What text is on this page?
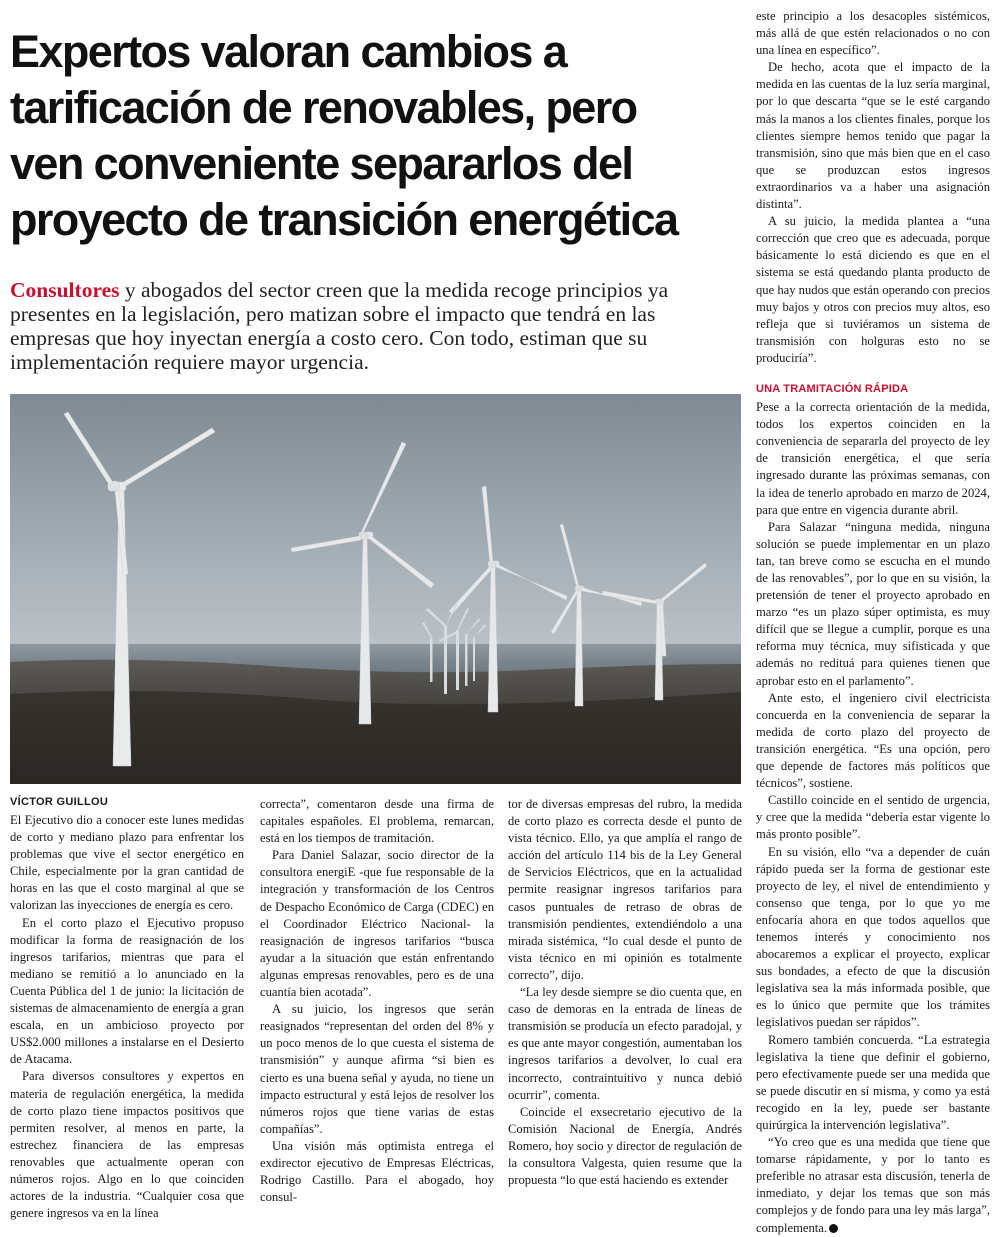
Expertos valoran cambios a
tarificación de renovables, pero
ven conveniente separarlos del
proyecto de transición energética

Consultores y abogados del sector creen que la medida recoge principios ya presentes en la legislación, pero matizan sobre el impacto que tendrá en las empresas que hoy inyectan energía a costo cero. Con todo, estiman que su implementación requiere mayor urgencia.

VÍCTOR GUILLOU

El Ejecutivo dio a conocer este lunes medidas de corto y mediano plazo para enfrentar los problemas que vive el sector energético en Chile, especialmente por la gran cantidad de horas en las que el costo marginal al que se valorizan las inyecciones de energía es cero.

En el corto plazo el Ejecutivo propuso modificar la forma de reasignación de los ingresos tarifarios, mientras que para el mediano se remitió a lo anunciado en la Cuenta Pública del 1 de junio: la licitación de sistemas de almacenamiento de energía a gran escala, en un ambicioso proyecto por US$2.000 millones a instalarse en el Desierto de Atacama.

Para diversos consultores y expertos en materia de regulación energética, la medida de corto plazo tiene impactos positivos que permiten resolver, al menos en parte, la estrechez financiera de las empresas renovables que actualmente operan con números rojos. Algo en lo que coinciden actores de la industria. “Cualquier cosa que genere ingresos va en la línea

correcta”, comentaron desde una firma de capitales españoles. El problema, remarcan, está en los tiempos de tramitación.

Para Daniel Salazar, socio director de la consultora energiE -que fue responsable de la integración y transformación de los Centros de Despacho Económico de Carga (CDEC) en el Coordinador Eléctrico Nacional- la reasignación de ingresos tarifarios “busca ayudar a la situación que están enfrentando algunas empresas renovables, pero es de una cuantía bien acotada”.

A su juicio, los ingresos que serán reasignados “representan del orden del 8% y un poco menos de lo que cuesta el sistema de transmisión” y aunque afirma “si bien es cierto es una buena señal y ayuda, no tiene un impacto estructural y está lejos de resolver los números rojos que tiene varias de estas compañías”.

Una visión más optimista entrega el exdirector ejecutivo de Empresas Eléctricas, Rodrigo Castillo. Para el abogado, hoy consul-

tor de diversas empresas del rubro, la medida de corto plazo es correcta desde el punto de vista técnico. Ello, ya que amplía el rango de acción del artículo 114 bis de la Ley General de Servicios Eléctricos, que en la actualidad permite reasignar ingresos tarifarios para casos puntuales de retraso de obras de transmisión pendientes, extendiéndolo a una mirada sistémica, “lo cual desde el punto de vista técnico en mi opinión es totalmente correcto”, dijo.

“La ley desde siempre se dio cuenta que, en caso de demoras en la entrada de líneas de transmisión se producía un efecto paradojal, y es que ante mayor congestión, aumentaban los ingresos tarifarios a devolver, lo cual era incorrecto, contraintuitivo y nunca debió ocurrir”, comenta.

Coincide el exsecretario ejecutivo de la Comisión Nacional de Energía, Andrés Romero, hoy socio y director de regulación de la consultora Valgesta, quien resume que la propuesta “lo que está haciendo es extender

este principio a los desacoples sistémicos, más allá de que estén relacionados o no con una línea en específico”.

De hecho, acota que el impacto de la medida en las cuentas de la luz sería marginal, por lo que descarta “que se le esté cargando más la manos a los clientes finales, porque los clientes siempre hemos tenido que pagar la transmisión, sino que más bien que en el caso que se produzcan estos ingresos extraordinarios va a haber una asignación distinta”.

A su juicio, la medida plantea a “una corrección que creo que es adecuada, porque básicamente lo está diciendo es que en el sistema se está quedando planta producto de que hay nudos que están operando con precios muy bajos y otros con precios muy altos, eso refleja que si tuviéramos un sistema de transmisión con holguras esto no se produciría”.

UNA TRAMITACIÓN RÁPIDA

Pese a la correcta orientación de la medida, todos los expertos coinciden en la conveniencia de separarla del proyecto de ley de transición energética, el que sería ingresado durante las próximas semanas, con la idea de tenerlo aprobado en marzo de 2024, para que entre en vigencia durante abril.

Para Salazar “ninguna medida, ninguna solución se puede implementar en un plazo tan, tan breve como se escucha en el mundo de las renovables”, por lo que en su visión, la pretensión de tener el proyecto aprobado en marzo “es un plazo súper optimista, es muy difícil que se llegue a cumplir, porque es una reforma muy técnica, muy sifisticada y que además no redituá para quienes tienen que aprobar esto en el parlamento”.

Ante esto, el ingeniero civil electricista concuerda en la conveniencia de separar la medida de corto plazo del proyecto de transición energética. “Es una opción, pero que depende de factores más políticos que técnicos”, sostiene.

Castillo coincide en el sentido de urgencia, y cree que la medida “debería estar vigente lo más pronto posible”.

En su visión, ello “va a depender de cuán rápido pueda ser la forma de gestionar este proyecto de ley, el nivel de entendimiento y consenso que tenga, por lo que yo me enfocaría ahora en que todos aquellos que tenemos interés y conocimiento nos abocaremos a explicar el proyecto, explicar sus bondades, a efecto de que la discusión legislativa sea la más informada posible, que es lo único que permite que los trámites legislativos puedan ser rápidos”.

Romero también concuerda. “La estrategia legislativa la tiene que definir el gobierno, pero efectivamente puede ser una medida que se puede discutir en sí misma, y como ya está recogido en la ley, puede ser bastante quirúrgica la intervención legislativa”.

“Yo creo que es una medida que tiene que tomarse rápidamente, y por lo tanto es preferible no atrasar esta discusión, tenerla de inmediato, y dejar los temas que son más complejos y de fondo para una ley más larga”, complementa. P
